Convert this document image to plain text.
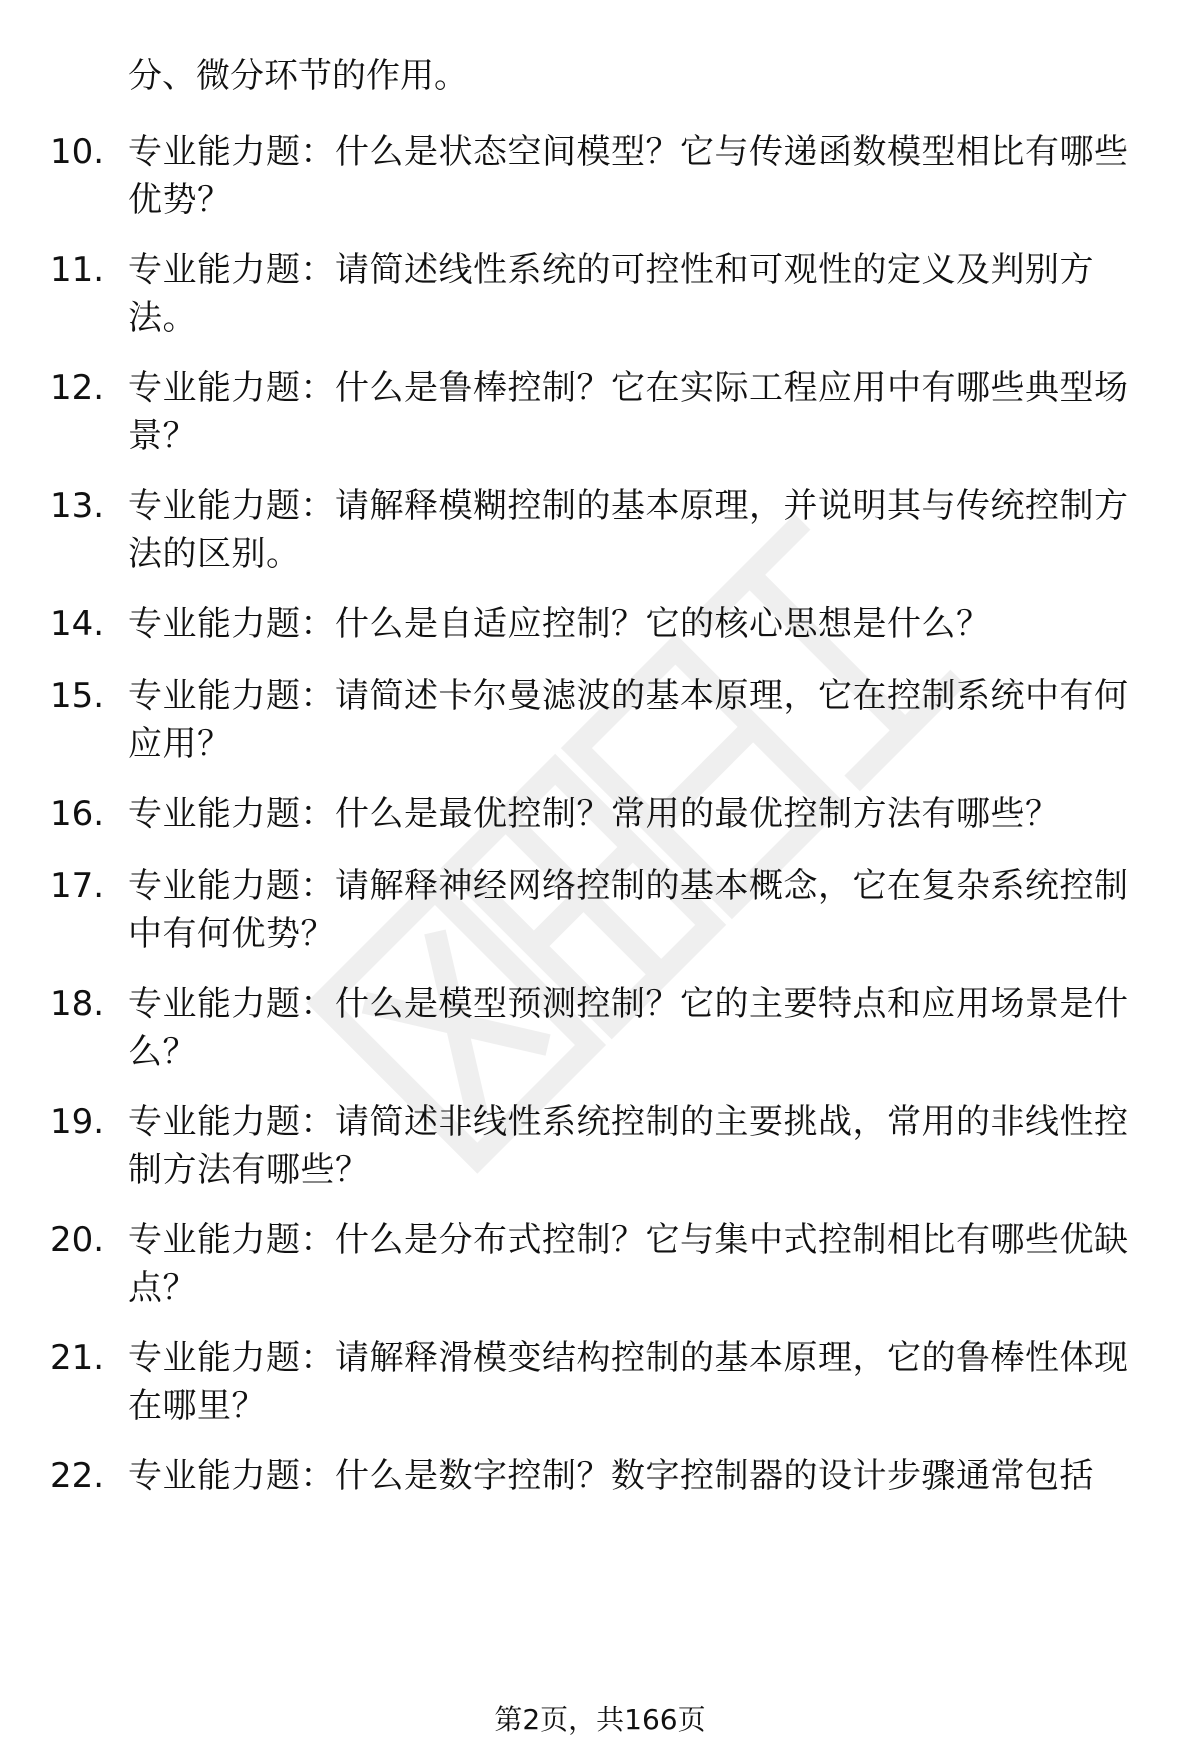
分、微分环节的作用。
10. 专业能力题：什么是状态空间模型？它与传递函数模型相比有哪些优势？
11. 专业能力题：请简述线性系统的可控性和可观性的定义及判别方法。
12. 专业能力题：什么是鲁棒控制？它在实际工程应用中有哪些典型场景？
13. 专业能力题：请解释模糊控制的基本原理，并说明其与传统控制方法的区别。
14. 专业能力题：什么是自适应控制？它的核心思想是什么？
15. 专业能力题：请简述卡尔曼滤波的基本原理，它在控制系统中有何应用？
16. 专业能力题：什么是最优控制？常用的最优控制方法有哪些？
17. 专业能力题：请解释神经网络控制的基本概念，它在复杂系统控制中有何优势？
18. 专业能力题：什么是模型预测控制？它的主要特点和应用场景是什么？
19. 专业能力题：请简述非线性系统控制的主要挑战，常用的非线性控制方法有哪些？
20. 专业能力题：什么是分布式控制？它与集中式控制相比有哪些优缺点？
21. 专业能力题：请解释滑模变结构控制的基本原理，它的鲁棒性体现在哪里？
22. 专业能力题：什么是数字控制？数字控制器的设计步骤通常包括
第2页，共166页
